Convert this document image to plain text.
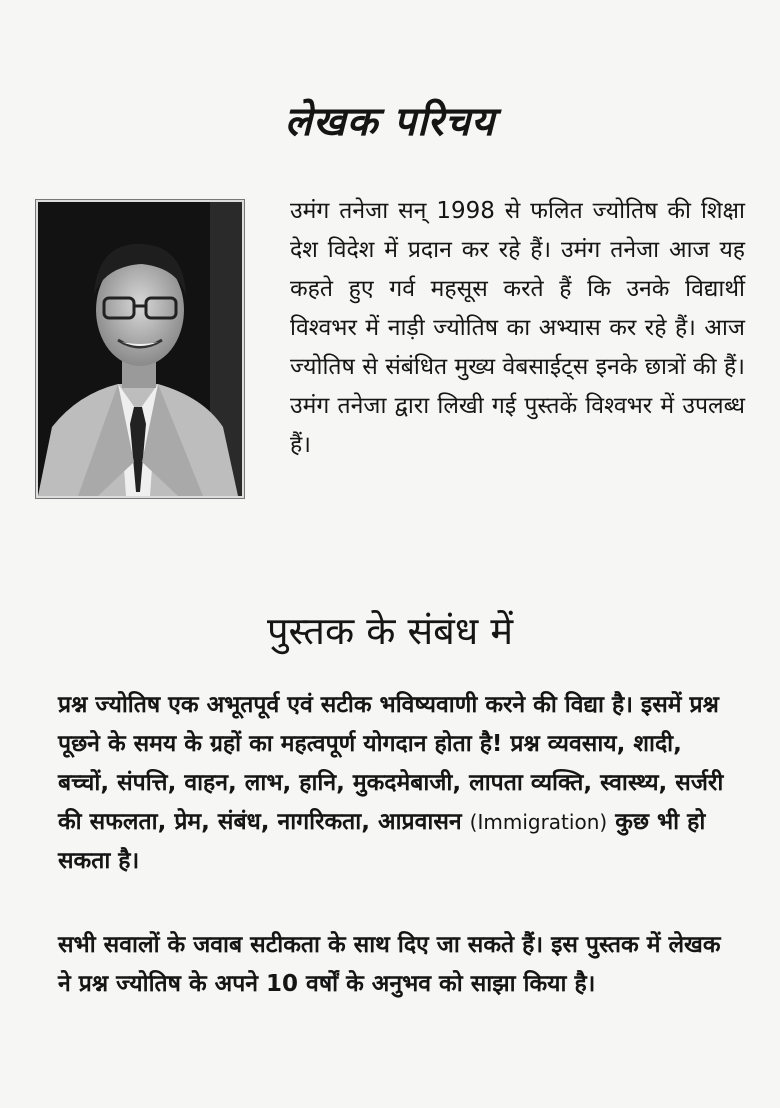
लेखक परिचय

उमंग तनेजा सन् 1998 से फलित ज्योतिष की शिक्षा देश विदेश में प्रदान कर रहे हैं। उमंग तनेजा आज यह कहते हुए गर्व महसूस करते हैं कि उनके विद्यार्थी विश्वभर में नाड़ी ज्योतिष का अभ्यास कर रहे हैं। आज ज्योतिष से संबंधित मुख्य वेबसाईट्स इनके छात्रों की हैं। उमंग तनेजा द्वारा लिखी गई पुस्तकें विश्वभर में उपलब्ध हैं।

पुस्तक के संबंध में

प्रश्न ज्योतिष एक अभूतपूर्व एवं सटीक भविष्यवाणी करने की विद्या है। इसमें प्रश्न पूछने के समय के ग्रहों का महत्वपूर्ण योगदान होता है! प्रश्न व्यवसाय, शादी, बच्चों, संपत्ति, वाहन, लाभ, हानि, मुकदमेबाजी, लापता व्यक्ति, स्वास्थ्य, सर्जरी की सफलता, प्रेम, संबंध, नागरिकता, आप्रवासन (Immigration) कुछ भी हो सकता है।

सभी सवालों के जवाब सटीकता के साथ दिए जा सकते हैं। इस पुस्तक में लेखक ने प्रश्न ज्योतिष के अपने 10 वर्षों के अनुभव को साझा किया है।
